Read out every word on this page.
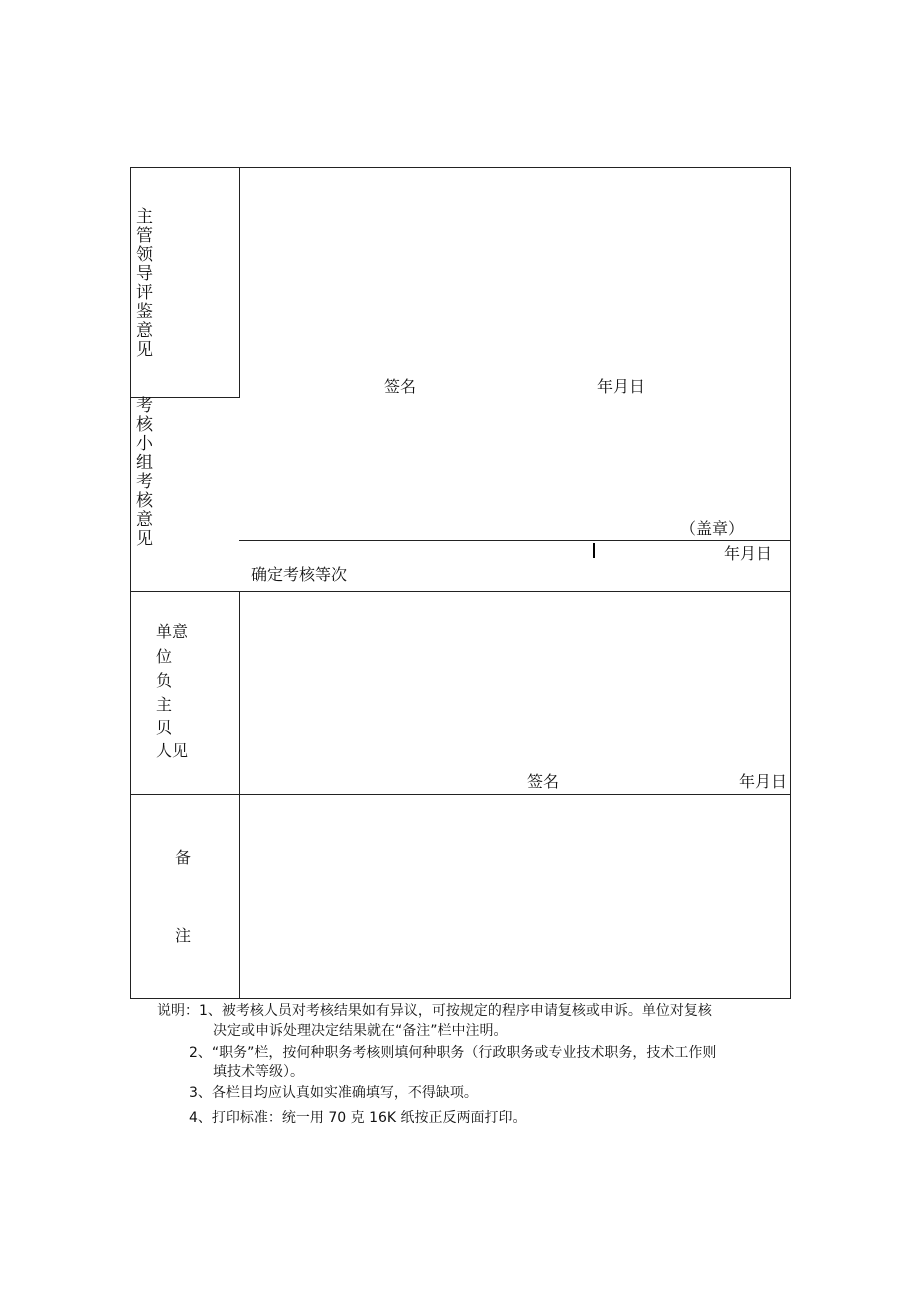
主管领导评鉴意见
考核小组考核意见
签名	年月日
（盖章）
年月日
确定考核等次
单意
位
负
主
贝
人见
签名	年月日
备
注
说明：1、被考核人员对考核结果如有异议，可按规定的程序申请复核或申诉。单位对复核
决定或申诉处理决定结果就在“备注”栏中注明。
2、“职务”栏，按何种职务考核则填何种职务（行政职务或专业技术职务，技术工作则
填技术等级）。
3、各栏目均应认真如实准确填写，不得缺项。
4、打印标准：统一用 70 克 16K 纸按正反两面打印。
